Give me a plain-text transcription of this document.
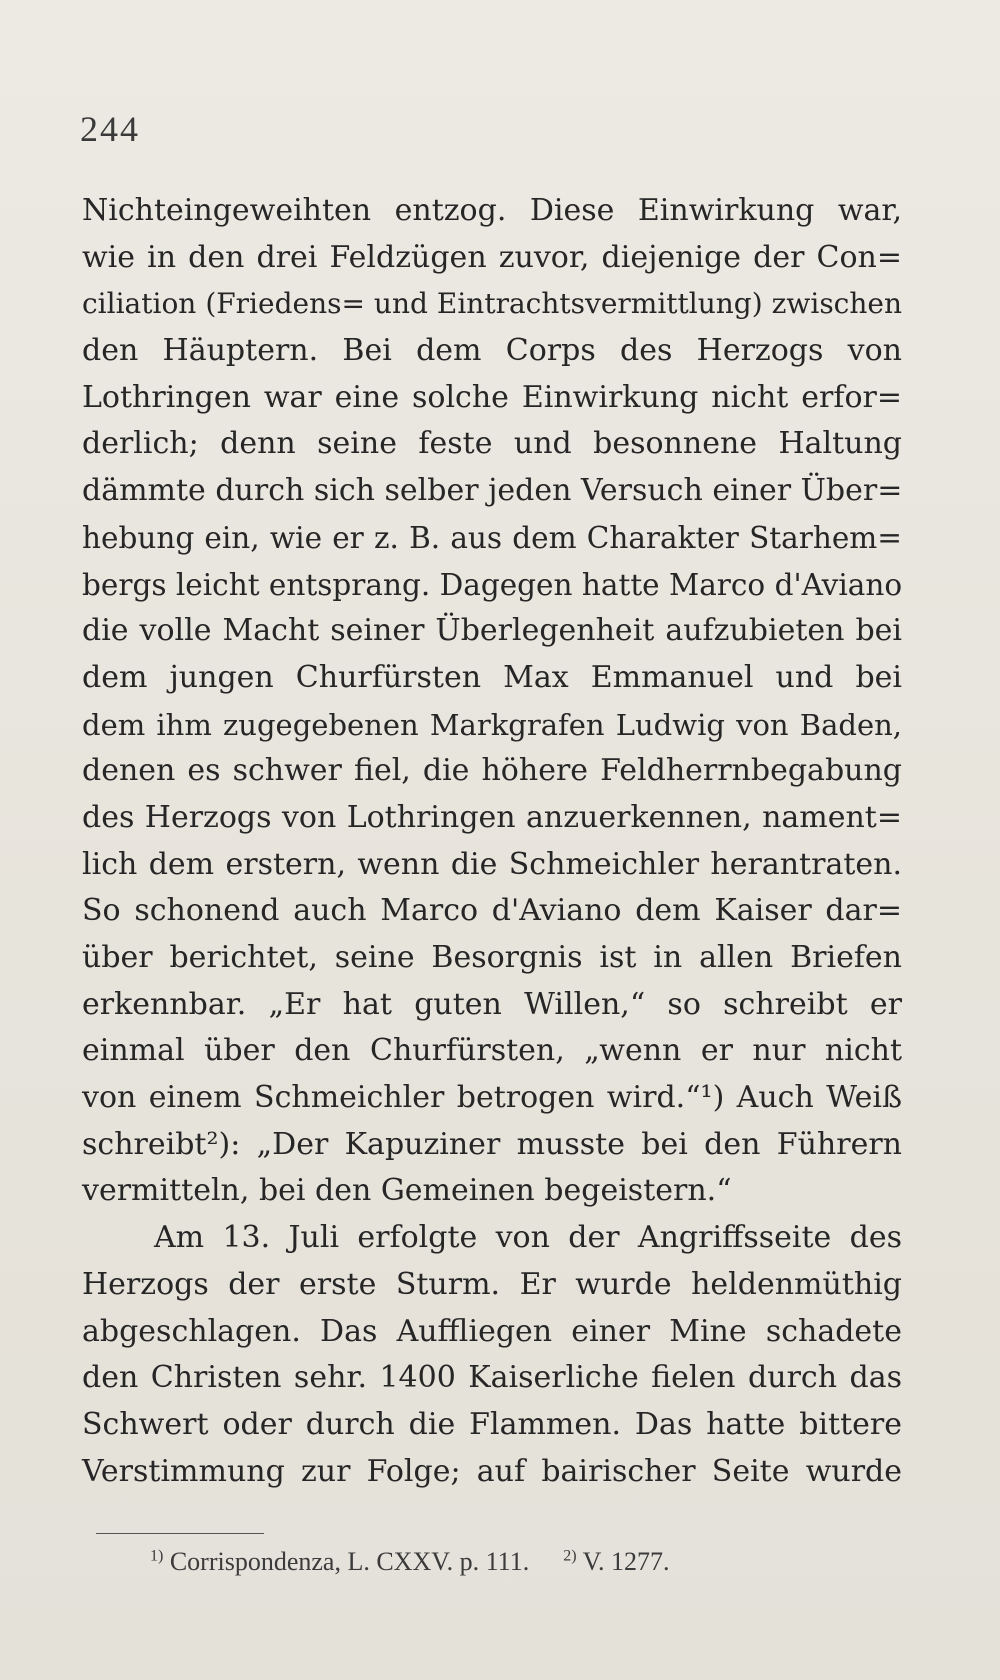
244
Nichteingeweihten entzog. Diese Einwirkung war,
wie in den drei Feldzügen zuvor, diejenige der Con=
ciliation (Friedens= und Eintrachtsvermittlung) zwischen
den Häuptern. Bei dem Corps des Herzogs von
Lothringen war eine solche Einwirkung nicht erfor=
derlich; denn seine feste und besonnene Haltung
dämmte durch sich selber jeden Versuch einer Über=
hebung ein, wie er z. B. aus dem Charakter Starhem=
bergs leicht entsprang. Dagegen hatte Marco d'Aviano
die volle Macht seiner Überlegenheit aufzubieten bei
dem jungen Churfürsten Max Emmanuel und bei
dem ihm zugegebenen Markgrafen Ludwig von Baden,
denen es schwer fiel, die höhere Feldherrnbegabung
des Herzogs von Lothringen anzuerkennen, nament=
lich dem erstern, wenn die Schmeichler herantraten.
So schonend auch Marco d'Aviano dem Kaiser dar=
über berichtet, seine Besorgnis ist in allen Briefen
erkennbar. „Er hat guten Willen,“ so schreibt er
einmal über den Churfürsten, „wenn er nur nicht
von einem Schmeichler betrogen wird.“¹) Auch Weiß
schreibt²): „Der Kapuziner musste bei den Führern
vermitteln, bei den Gemeinen begeistern.“
Am 13. Juli erfolgte von der Angriffsseite des
Herzogs der erste Sturm. Er wurde heldenmüthig
abgeschlagen. Das Auffliegen einer Mine schadete
den Christen sehr. 1400 Kaiserliche fielen durch das
Schwert oder durch die Flammen. Das hatte bittere
Verstimmung zur Folge; auf bairischer Seite wurde
$^{1)}$ Corrispondenza, L. CXXV. p. 111. $^{2)}$ V. 1277.
